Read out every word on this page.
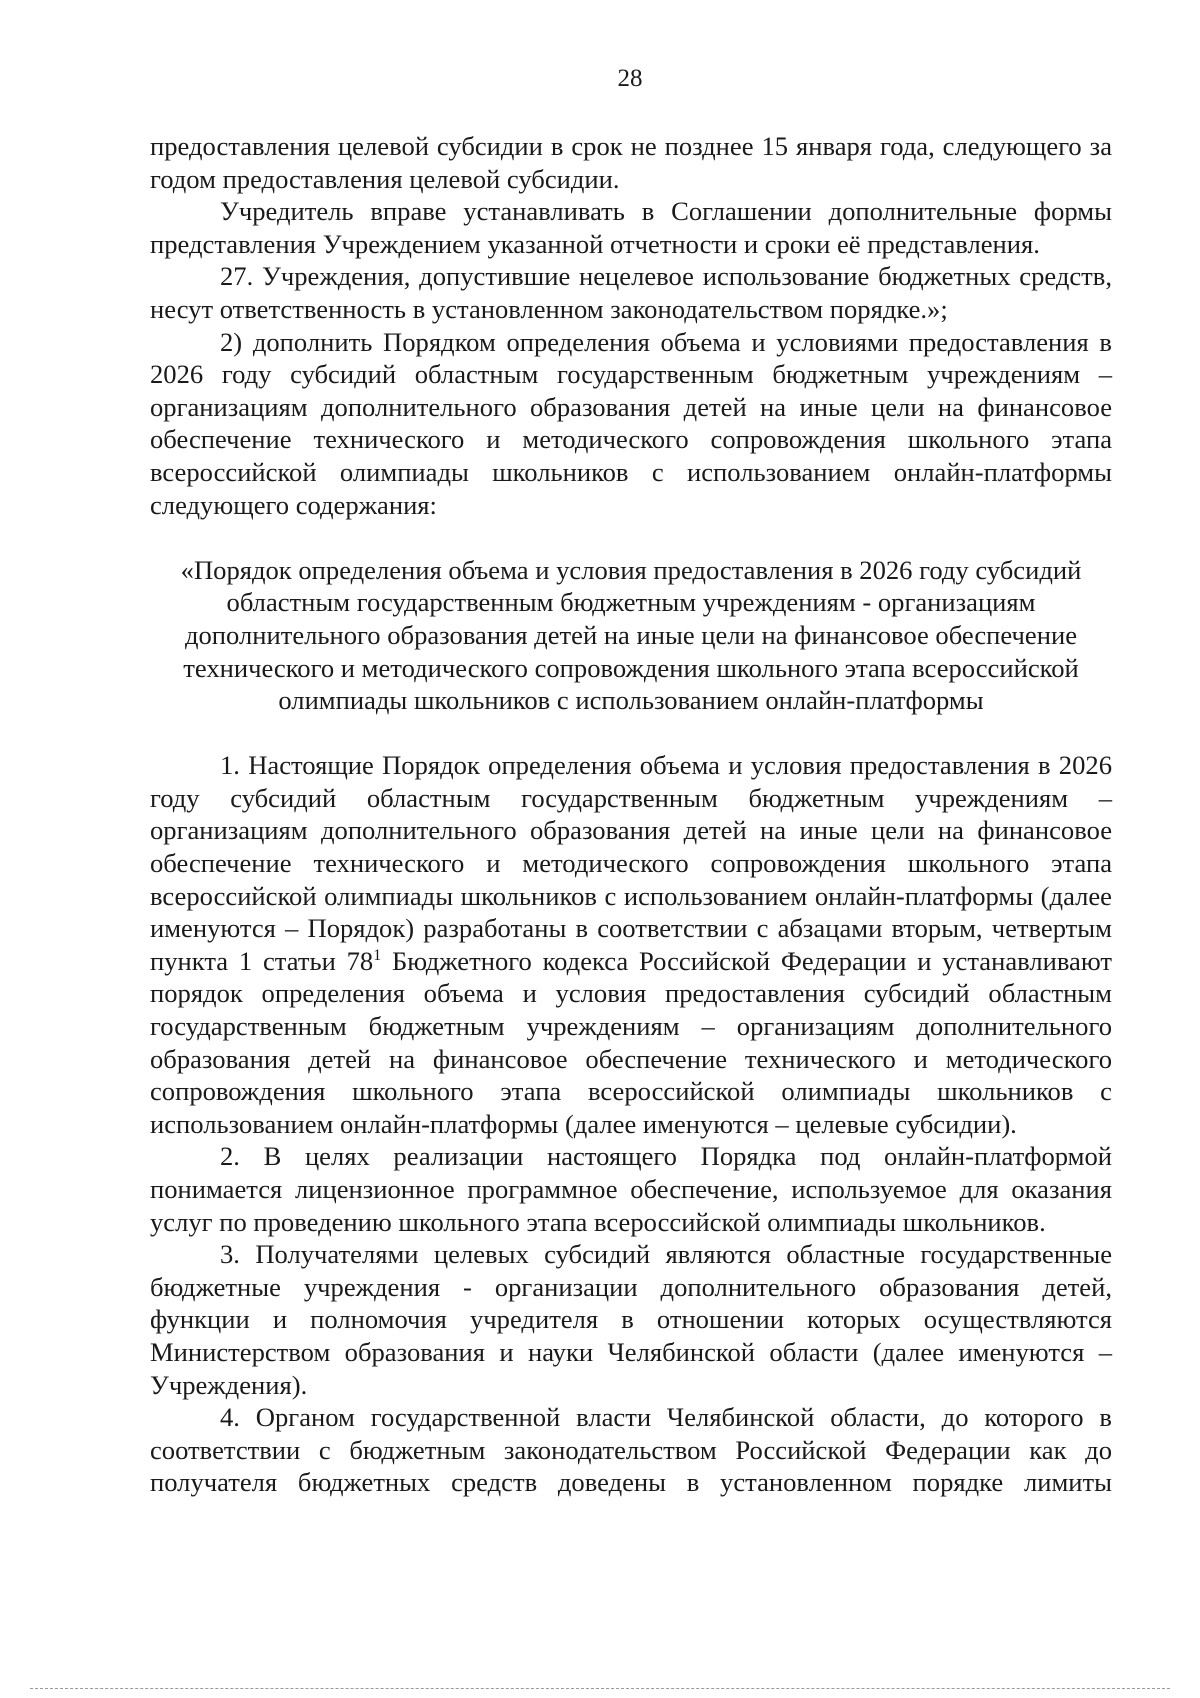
28

предоставления целевой субсидии в срок не позднее 15 января года, следующего за годом предоставления целевой субсидии.

Учредитель вправе устанавливать в Соглашении дополнительные формы представления Учреждением указанной отчетности и сроки её представления.

27. Учреждения, допустившие нецелевое использование бюджетных средств, несут ответственность в установленном законодательством порядке.»;

2) дополнить Порядком определения объема и условиями предоставления в 2026 году субсидий областным государственным бюджетным учреждениям – организациям дополнительного образования детей на иные цели на финансовое обеспечение технического и методического сопровождения школьного этапа всероссийской олимпиады школьников с использованием онлайн-платформы следующего содержания:

«Порядок определения объема и условия предоставления в 2026 году субсидий областным государственным бюджетным учреждениям - организациям дополнительного образования детей на иные цели на финансовое обеспечение технического и методического сопровождения школьного этапа всероссийской олимпиады школьников с использованием онлайн-платформы

1. Настоящие Порядок определения объема и условия предоставления в 2026 году субсидий областным государственным бюджетным учреждениям – организациям дополнительного образования детей на иные цели на финансовое обеспечение технического и методического сопровождения школьного этапа всероссийской олимпиады школьников с использованием онлайн-платформы (далее именуются – Порядок) разработаны в соответствии с абзацами вторым, четвертым пункта 1 статьи $78^1$ Бюджетного кодекса Российской Федерации и устанавливают порядок определения объема и условия предоставления субсидий областным государственным бюджетным учреждениям – организациям дополнительного образования детей на финансовое обеспечение технического и методического сопровождения школьного этапа всероссийской олимпиады школьников с использованием онлайн-платформы (далее именуются – целевые субсидии).

2. В целях реализации настоящего Порядка под онлайн-платформой понимается лицензионное программное обеспечение, используемое для оказания услуг по проведению школьного этапа всероссийской олимпиады школьников.

3. Получателями целевых субсидий являются областные государственные бюджетные учреждения - организации дополнительного образования детей, функции и полномочия учредителя в отношении которых осуществляются Министерством образования и науки Челябинской области (далее именуются – Учреждения).

4. Органом государственной власти Челябинской области, до которого в соответствии с бюджетным законодательством Российской Федерации как до получателя бюджетных средств доведены в установленном порядке лимиты
